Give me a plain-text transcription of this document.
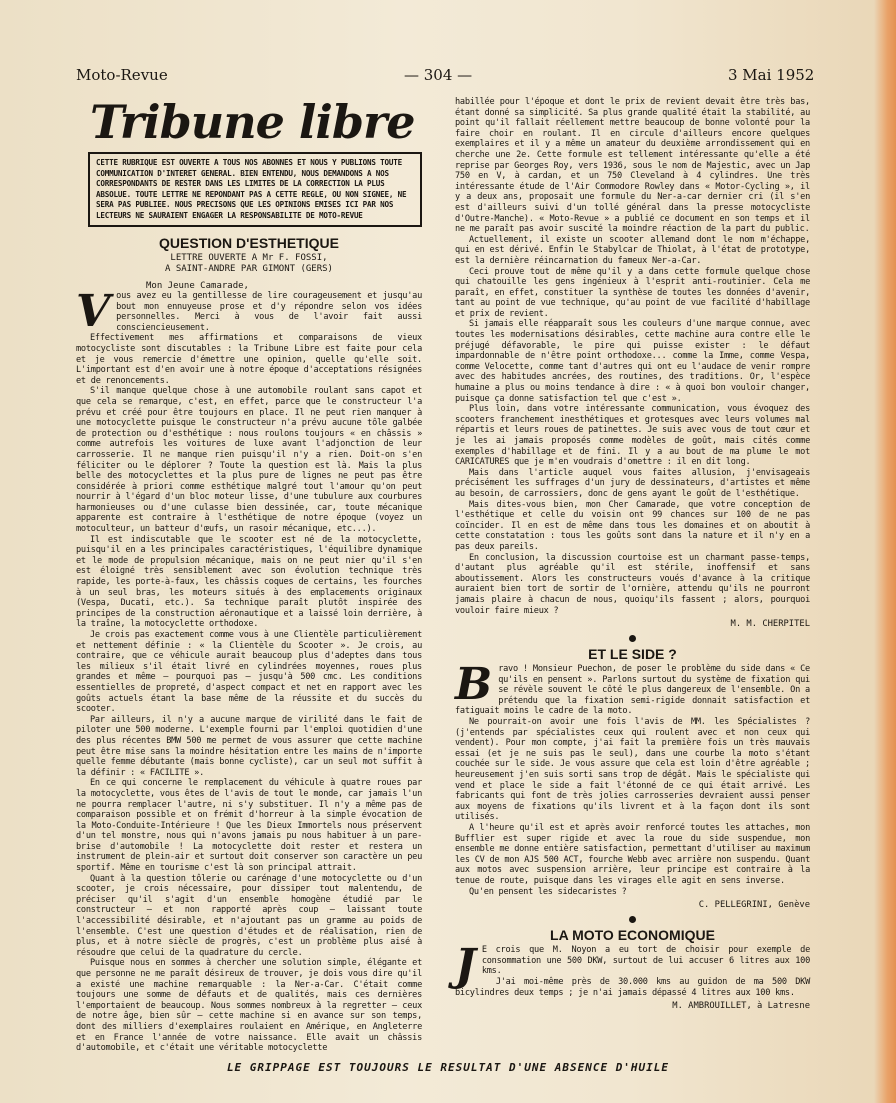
Moto-Revue	— 304 —	3 Mai 1952
Tribune libre
CETTE RUBRIQUE EST OUVERTE A TOUS NOS ABONNES ET NOUS Y PUBLIONS TOUTE COMMUNICATION D'INTERET GENERAL. BIEN ENTENDU, NOUS DEMANDONS A NOS CORRESPONDANTS DE RESTER DANS LES LIMITES DE LA CORRECTION LA PLUS ABSOLUE. TOUTE LETTRE NE REPONDANT PAS A CETTE REGLE, OU NON SIGNEE, NE SERA PAS PUBLIEE. NOUS PRECISONS QUE LES OPINIONS EMISES ICI PAR NOS LECTEURS NE SAURAIENT ENGAGER LA RESPONSABILITE DE MOTO-REVUE
QUESTION D'ESTHETIQUE
LETTRE OUVERTE A Mr F. FOSSI,
A SAINT-ANDRE PAR GIMONT (GERS)
Mon Jeune Camarade,
V ous avez eu la gentillesse de lire courageusement et jusqu'au bout mon ennuyeuse prose et d'y répondre selon vos idées personnelles. Merci à vous de l'avoir fait aussi consciencieusement.

Effectivement mes affirmations et comparaisons de vieux motocycliste sont discutables : la Tribune Libre est faite pour cela et je vous remercie d'émettre une opinion, quelle qu'elle soit. L'important est d'en avoir une à notre époque d'acceptations résignées et de renoncements.

S'il manque quelque chose à une automobile roulant sans capot et que cela se remarque, c'est, en effet, parce que le constructeur l'a prévu et créé pour être toujours en place. Il ne peut rien manquer à une motocyclette puisque le constructeur n'a prévu aucune tôle galbée de protection ou d'esthétique : nous roulons toujours « en châssis » comme autrefois les voitures de luxe avant l'adjonction de leur carrosserie. Il ne manque rien puisqu'il n'y a rien. Doit-on s'en féliciter ou le déplorer ? Toute la question est là. Mais la plus belle des motocyclettes et la plus pure de lignes ne peut pas être considérée à priori comme esthétique malgré tout l'amour qu'on peut nourrir à l'égard d'un bloc moteur lisse, d'une tubulure aux courbures harmonieuses ou d'une culasse bien dessinée, car, toute mécanique apparente est contraire à l'esthétique de notre époque (voyez un motoculteur, un batteur d'œufs, un rasoir mécanique, etc...).

Il est indiscutable que le scooter est né de la motocyclette, puisqu'il en a les principales caractéristiques, l'équilibre dynamique et le mode de propulsion mécanique, mais on ne peut nier qu'il s'en est éloigné très sensiblement avec son évolution technique très rapide, les porte-à-faux, les châssis coques de certains, les fourches à un seul bras, les moteurs situés à des emplacements originaux (Vespa, Ducati, etc.). Sa technique paraît plutôt inspirée des principes de la construction aéronautique et a laissé loin derrière, à la traîne, la motocyclette orthodoxe.

Je crois pas exactement comme vous à une Clientèle particulièrement et nettement définie : « la Clientèle du Scooter ». Je crois, au contraire, que ce véhicule aurait beaucoup plus d'adeptes dans tous les milieux s'il était livré en cylindrées moyennes, roues plus grandes et même — pourquoi pas — jusqu'à 500 cmc. Les conditions essentielles de propreté, d'aspect compact et net en rapport avec les goûts actuels étant la base même de la réussite et du succès du scooter.

Par ailleurs, il n'y a aucune marque de virilité dans le fait de piloter une 500 moderne. L'exemple fourni par l'emploi quotidien d'une des plus récentes BMW 500 me permet de vous assurer que cette machine peut être mise sans la moindre hésitation entre les mains de n'importe quelle femme débutante (mais bonne cycliste), car un seul mot suffit à la définir : « FACILITE ».

En ce qui concerne le remplacement du véhicule à quatre roues par la motocyclette, vous êtes de l'avis de tout le monde, car jamais l'un ne pourra remplacer l'autre, ni s'y substituer. Il n'y a même pas de comparaison possible et on frémit d'horreur à la simple évocation de la Moto-Conduite-Intérieure ! Que les Dieux Immortels nous préservent d'un tel monstre, nous qui n'avons jamais pu nous habituer à un pare-brise d'automobile ! La motocyclette doit rester et restera un instrument de plein-air et surtout doit conserver son caractère un peu sportif. Même en tourisme c'est là son principal attrait.

Quant à la question tôlerie ou carénage d'une motocyclette ou d'un scooter, je crois nécessaire, pour dissiper tout malentendu, de préciser qu'il s'agit d'un ensemble homogène étudié par le constructeur — et non rapporté après coup — laissant toute l'accessibilité désirable, et n'ajoutant pas un gramme au poids de l'ensemble. C'est une question d'études et de réalisation, rien de plus, et à notre siècle de progrès, c'est un problème plus aisé à résoudre que celui de la quadrature du cercle.

Puisque nous en sommes à chercher une solution simple, élégante et que personne ne me paraît désireux de trouver, je dois vous dire qu'il a existé une machine remarquable : la Ner-a-Car. C'était comme toujours une somme de défauts et de qualités, mais ces dernières l'emportaient de beaucoup. Nous sommes nombreux à la regretter — ceux de notre âge, bien sûr — cette machine si en avance sur son temps, dont des milliers d'exemplaires roulaient en Amérique, en Angleterre et en France l'année de votre naissance. Elle avait un châssis d'automobile, et c'était une véritable motocyclette

habillée pour l'époque et dont le prix de revient devait être très bas, étant donné sa simplicité. Sa plus grande qualité était la stabilité, au point qu'il fallait réellement mettre beaucoup de bonne volonté pour la faire choir en roulant. Il en circule d'ailleurs encore quelques exemplaires et il y a même un amateur du deuxième arrondissement qui en cherche une 2e. Cette formule est tellement intéressante qu'elle a été reprise par Georges Roy, vers 1936, sous le nom de Majestic, avec un Jap 750 en V, à cardan, et un 750 Cleveland à 4 cylindres. Une très intéressante étude de l'Air Commodore Rowley dans « Motor-Cycling », il y a deux ans, proposait une formule du Ner-a-car dernier cri (il s'en est d'ailleurs suivi d'un tollé général dans la presse motocycliste d'Outre-Manche). « Moto-Revue » a publié ce document en son temps et il ne me paraît pas avoir suscité la moindre réaction de la part du public.

Actuellement, il existe un scooter allemand dont le nom m'échappe, qui en est dérivé. Enfin le Stabylcar de Thiolat, à l'état de prototype, est la dernière réincarnation du fameux Ner-a-Car.

Ceci prouve tout de même qu'il y a dans cette formule quelque chose qui chatouille les gens ingénieux à l'esprit anti-routinier. Cela me paraît, en effet, constituer la synthèse de toutes les données d'avenir, tant au point de vue technique, qu'au point de vue facilité d'habillage et prix de revient.

Si jamais elle réapparaît sous les couleurs d'une marque connue, avec toutes les modernisations désirables, cette machine aura contre elle le préjugé défavorable, le pire qui puisse exister : le défaut impardonnable de n'être point orthodoxe... comme la Imme, comme Vespa, comme Velocette, comme tant d'autres qui ont eu l'audace de venir rompre avec des habitudes ancrées, des routines, des traditions. Or, l'espèce humaine a plus ou moins tendance à dire : « à quoi bon vouloir changer, puisque ça donne satisfaction tel que c'est ».

Plus loin, dans votre intéressante communication, vous évoquez des scooters franchement inesthétiques et grotesques avec leurs volumes mal répartis et leurs roues de patinettes. Je suis avec vous de tout cœur et je les ai jamais proposés comme modèles de goût, mais cités comme exemples d'habillage et de fini. Il y a au bout de ma plume le mot CARICATURES que je m'en voudrais d'omettre : il en dit long.

Mais dans l'article auquel vous faites allusion, j'envisageais précisément les suffrages d'un jury de dessinateurs, d'artistes et même au besoin, de carrossiers, donc de gens ayant le goût de l'esthétique.

Mais dites-vous bien, mon Cher Camarade, que votre conception de l'esthétique et celle du voisin ont 99 chances sur 100 de ne pas coïncider. Il en est de même dans tous les domaines et on aboutit à cette constatation : tous les goûts sont dans la nature et il n'y en a pas deux pareils.

En conclusion, la discussion courtoise est un charmant passe-temps, d'autant plus agréable qu'il est stérile, inoffensif et sans aboutissement. Alors les constructeurs voués d'avance à la critique auraient bien tort de sortir de l'ornière, attendu qu'ils ne pourront jamais plaire à chacun de nous, quoiqu'ils fassent ; alors, pourquoi vouloir faire mieux ?

M. M. CHERPITEL
ET LE SIDE ?
B ravo ! Monsieur Puechon, de poser le problème du side dans « Ce qu'ils en pensent ». Parlons surtout du système de fixation qui se révèle souvent le côté le plus dangereux de l'ensemble. On a prétendu que la fixation semi-rigide donnait satisfaction et fatiguait moins le cadre de la moto.

Ne pourrait-on avoir une fois l'avis de MM. les Spécialistes ? (j'entends par spécialistes ceux qui roulent avec et non ceux qui vendent). Pour mon compte, j'ai fait la première fois un très mauvais essai (et je ne suis pas le seul), dans une courbe la moto s'étant couchée sur le side. Je vous assure que cela est loin d'être agréable ; heureusement j'en suis sorti sans trop de dégât. Mais le spécialiste qui vend et place le side a fait l'étonné de ce qui était arrivé. Les fabricants qui font de très jolies carrosseries devraient aussi penser aux moyens de fixations qu'ils livrent et à la façon dont ils sont utilisés.

A l'heure qu'il est et après avoir renforcé toutes les attaches, mon Bufflier est super rigide et avec la roue du side suspendue, mon ensemble me donne entière satisfaction, permettant d'utiliser au maximum les CV de mon AJS 500 ACT, fourche Webb avec arrière non suspendu. Quant aux motos avec suspension arrière, leur principe est contraire à la tenue de route, puisque dans les virages elle agit en sens inverse.

Qu'en pensent les sidecaristes ?

C. PELLEGRINI, Genève
LA MOTO ECONOMIQUE
J E crois que M. Noyon a eu tort de choisir pour exemple de consommation une 500 DKW, surtout de lui accuser 6 litres aux 100 kms.

J'ai moi-même près de 30.000 kms au guidon de ma 500 DKW bicylindres deux temps ; je n'ai jamais dépassé 4 litres aux 100 kms.

M. AMBROUILLET, à Latresne
LE GRIPPAGE EST TOUJOURS LE RESULTAT D'UNE ABSENCE D'HUILE
